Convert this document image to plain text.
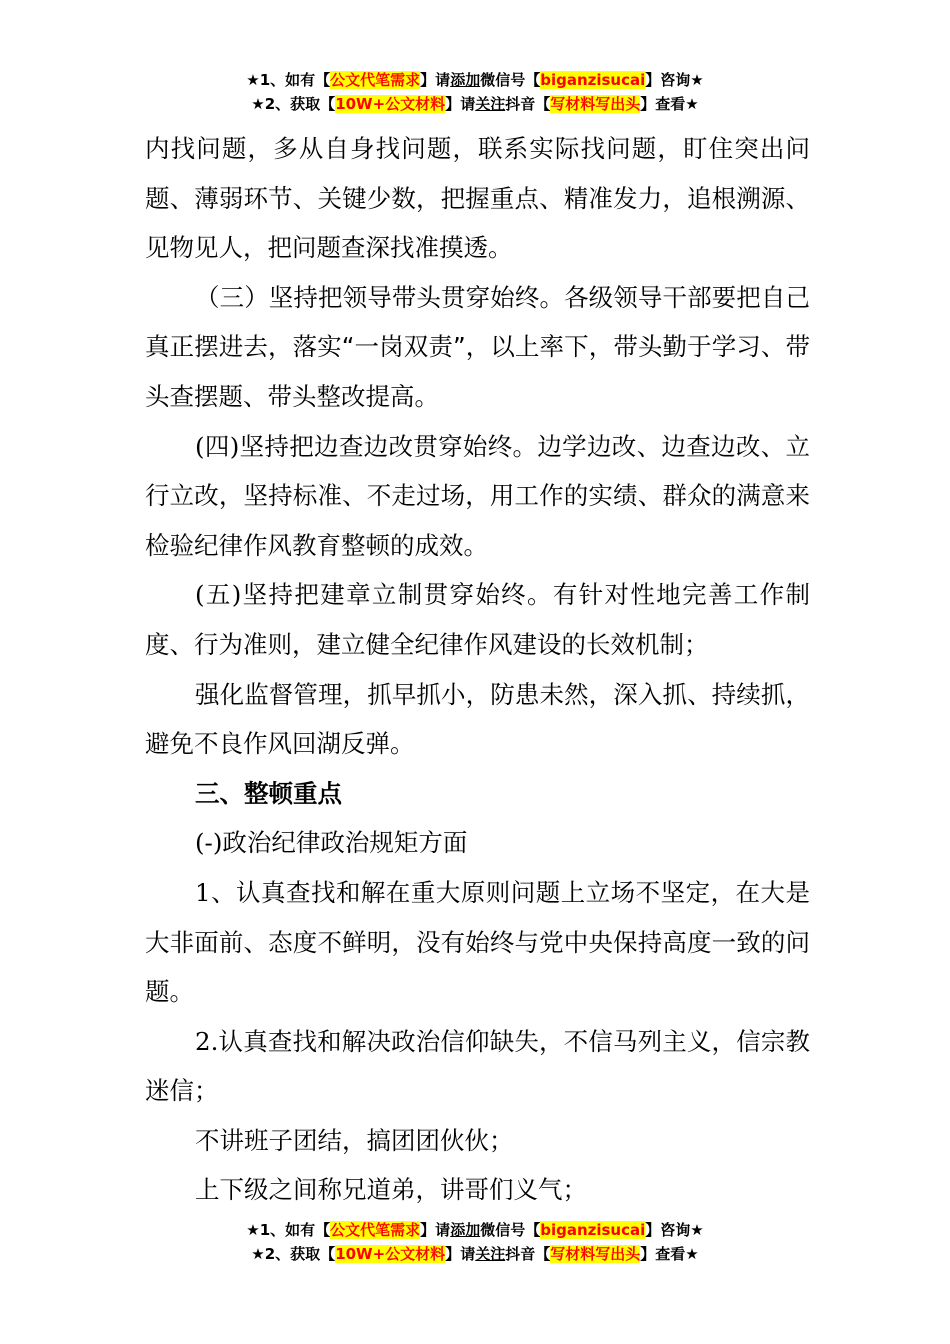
★1、如有【公文代笔需求】请添加微信号【biganzisucai】咨询★
★2、获取【10W+公文材料】请关注抖音【写材料写出头】查看★

内找问题，多从自身找问题，联系实际找问题，盯住突出问题、薄弱环节、关键少数，把握重点、精准发力，追根溯源、见物见人，把问题查深找准摸透。

（三）坚持把领导带头贯穿始终。各级领导干部要把自己真正摆进去，落实“一岗双责”，以上率下，带头勤于学习、带头查摆题、带头整改提高。

(四)坚持把边查边改贯穿始终。边学边改、边查边改、立行立改，坚持标准、不走过场，用工作的实绩、群众的满意来检验纪律作风教育整顿的成效。

(五)坚持把建章立制贯穿始终。有针对性地完善工作制度、行为准则，建立健全纪律作风建设的长效机制；

强化监督管理，抓早抓小，防患未然，深入抓、持续抓，避免不良作风回湖反弹。

三、整顿重点

(-)政治纪律政治规矩方面

1、认真查找和解在重大原则问题上立场不坚定，在大是大非面前、态度不鲜明，没有始终与党中央保持高度一致的问题。

2.认真查找和解决政治信仰缺失，不信马列主义，信宗教迷信；

不讲班子团结，搞团团伙伙；

上下级之间称兄道弟，讲哥们义气；

★1、如有【公文代笔需求】请添加微信号【biganzisucai】咨询★
★2、获取【10W+公文材料】请关注抖音【写材料写出头】查看★
